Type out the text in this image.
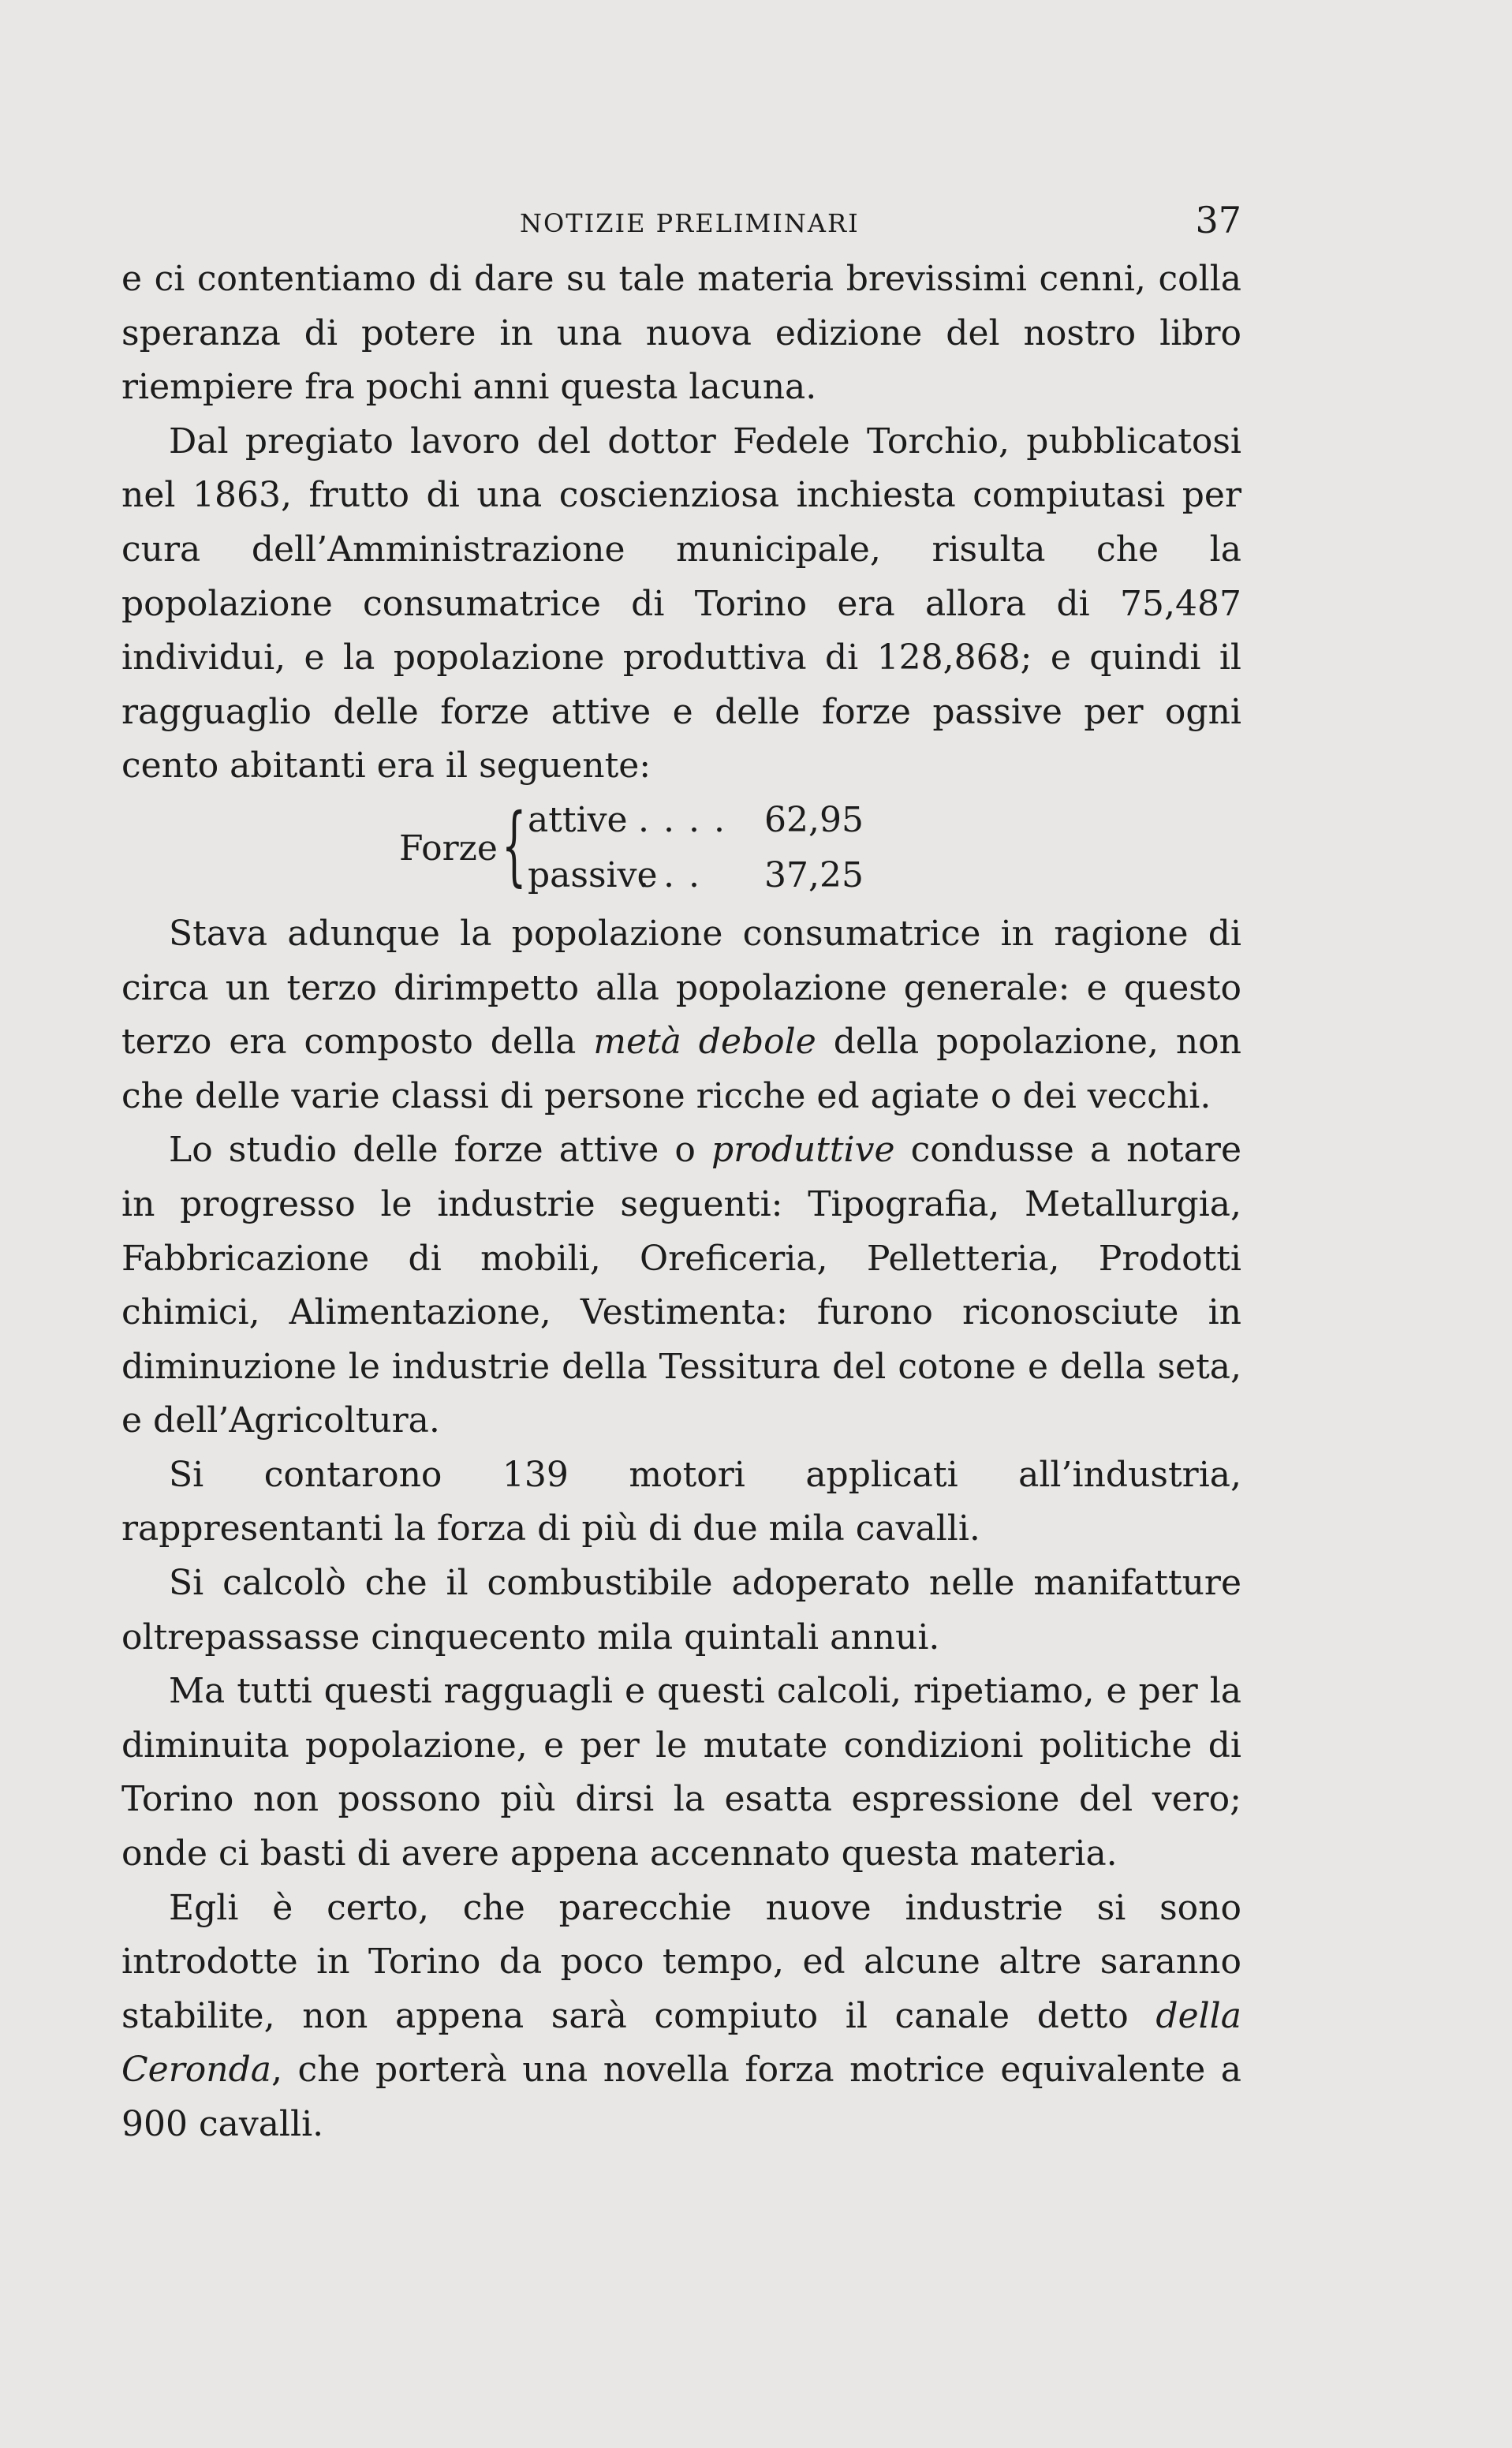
NOTIZIE PRELIMINARI	37

e ci contentiamo di dare su tale materia brevissimi cenni, colla speranza di potere in una nuova edizione del nostro libro riempiere fra pochi anni questa lacuna.

Dal pregiato lavoro del dottor Fedele Torchio, pubblicatosi nel 1863, frutto di una coscienziosa inchiesta compiutasi per cura dell’Amministrazione municipale, risulta che la popolazione consumatrice di Torino era allora di 75,487 individui, e la popolazione produttiva di 128,868; e quindi il ragguaglio delle forze attive e delle forze passive per ogni cento abitanti era il seguente:

Forze { attive .... 62,95
passive... 37,25

Stava adunque la popolazione consumatrice in ragione di circa un terzo dirimpetto alla popolazione generale: e questo terzo era composto della metà debole della popolazione, non che delle varie classi di persone ricche ed agiate o dei vecchi.

Lo studio delle forze attive o produttive condusse a notare in progresso le industrie seguenti: Tipografia, Metallurgia, Fabbricazione di mobili, Oreficeria, Pelletteria, Prodotti chimici, Alimentazione, Vestimenta: furono riconosciute in diminuzione le industrie della Tessitura del cotone e della seta, e dell’Agricoltura.

Si contarono 139 motori applicati all’industria, rappresentanti la forza di più di due mila cavalli.

Si calcolò che il combustibile adoperato nelle manifatture oltrepassasse cinquecento mila quintali annui.

Ma tutti questi ragguagli e questi calcoli, ripetiamo, e per la diminuita popolazione, e per le mutate condizioni politiche di Torino non possono più dirsi la esatta espressione del vero; onde ci basti di avere appena accennato questa materia.

Egli è certo, che parecchie nuove industrie si sono introdotte in Torino da poco tempo, ed alcune altre saranno stabilite, non appena sarà compiuto il canale detto della Ceronda, che porterà una novella forza motrice equivalente a 900 cavalli.
